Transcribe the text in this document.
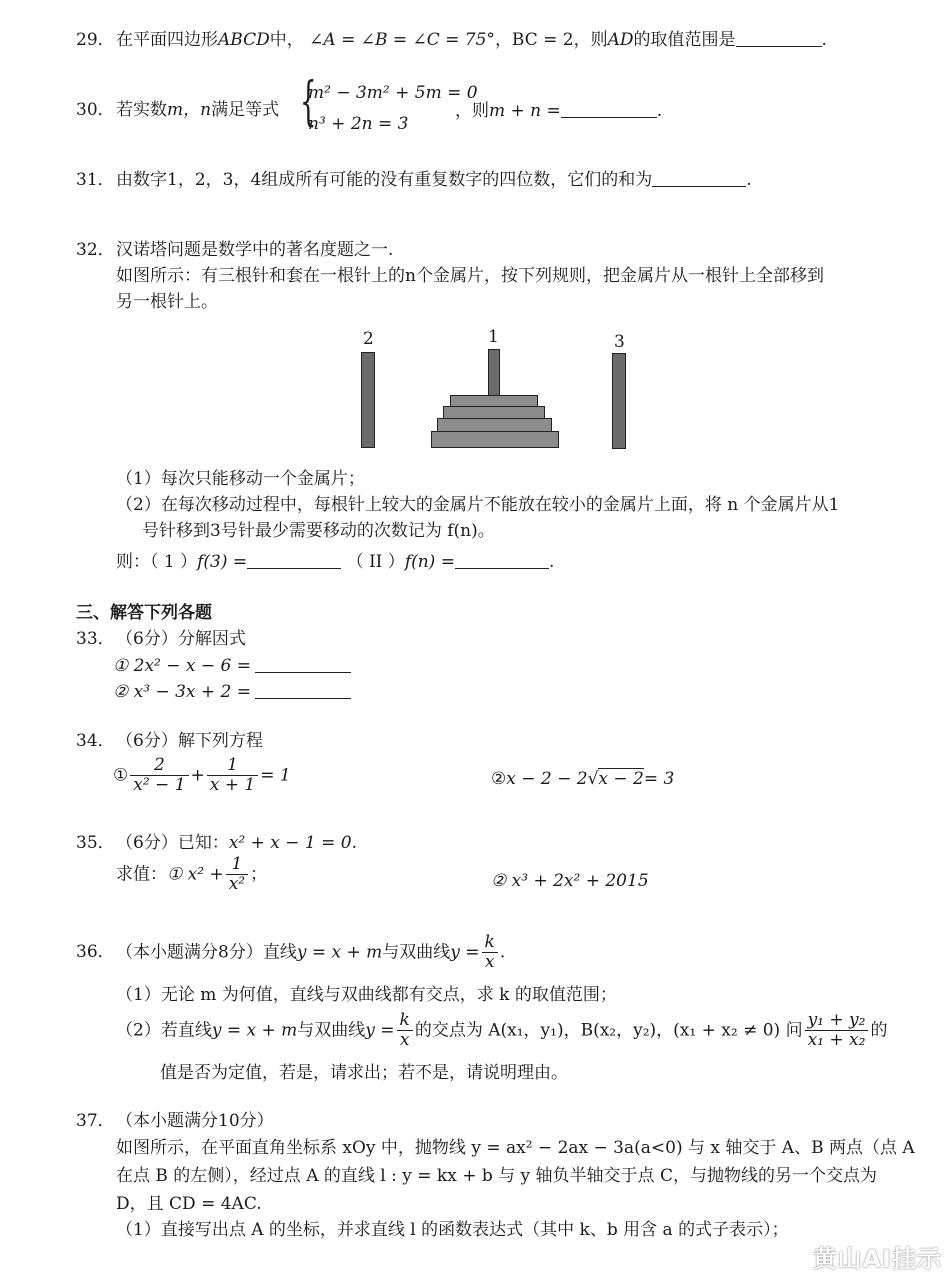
29．在平面四边形ABCD中， ∠A = ∠B = ∠C = 75°，BC = 2，则AD的取值范围是	.
30．若实数m，n满足等式 {
m² − 3m² + 5m = 0
n³ + 2n = 3
，则m + n =	.
31．由数字1，2，3，4组成所有可能的没有重复数字的四位数，它们的和为	.
32．汉诺塔问题是数学中的著名度题之一.
如图所示：有三根针和套在一根针上的n个金属片，按下列规则，把金属片从一根针上全部移到
另一根针上。
2	1	3
（1）每次只能移动一个金属片；
（2）在每次移动过程中，每根针上较大的金属片不能放在较小的金属片上面，将 n 个金属片从1
号针移到3号针最少需要移动的次数记为 f(n)。
则：（ 1 ）f(3) =	（ II ）f(n) =	.
三、解答下列各题
33．（6分）分解因式
① 2x² − x − 6 =
② x³ − 3x + 2 =
34．（6分）解下列方程
① $\frac{2}{\text{x² − 1}} + \frac{1}{x + 1} = 1$	②x − 2 − 2√x − 2= 3
35．（6分）已知：x² + x − 1 = 0.
求值：① $x^2 + \frac{1}{\text{x²}}$ ；	② x³ + 2x² + 2015
36．（本小题满分8分）直线y = x + m与双曲线$y = \frac{k}{x}$ .
（1）无论 m 为何值，直线与双曲线都有交点，求 k 的取值范围；
（2）若直线y = x + m与双曲线$y = \frac{k}{x}$ 的交点为 A(x₁，y₁)，B(x₂，y₂)，(x₁ + x₂ ≠ 0) 问 $\frac{\text{y₁ + y₂}}{\text{x₁ + x₂}}$ 的
值是否为定值，若是，请求出；若不是，请说明理由。
37．（本小题满分10分）
如图所示，在平面直角坐标系 xOy 中，抛物线 y = ax² − 2ax − 3a(a<0) 与 x 轴交于 A、B 两点（点 A
在点 B 的左侧），经过点 A 的直线 l : y = kx + b 与 y 轴负半轴交于点 C，与抛物线的另一个交点为
D，且 CD = 4AC.
（1）直接写出点 A 的坐标，并求直线 l 的函数表达式（其中 k、b 用含 a 的式子表示）；
黄山AI挂示
